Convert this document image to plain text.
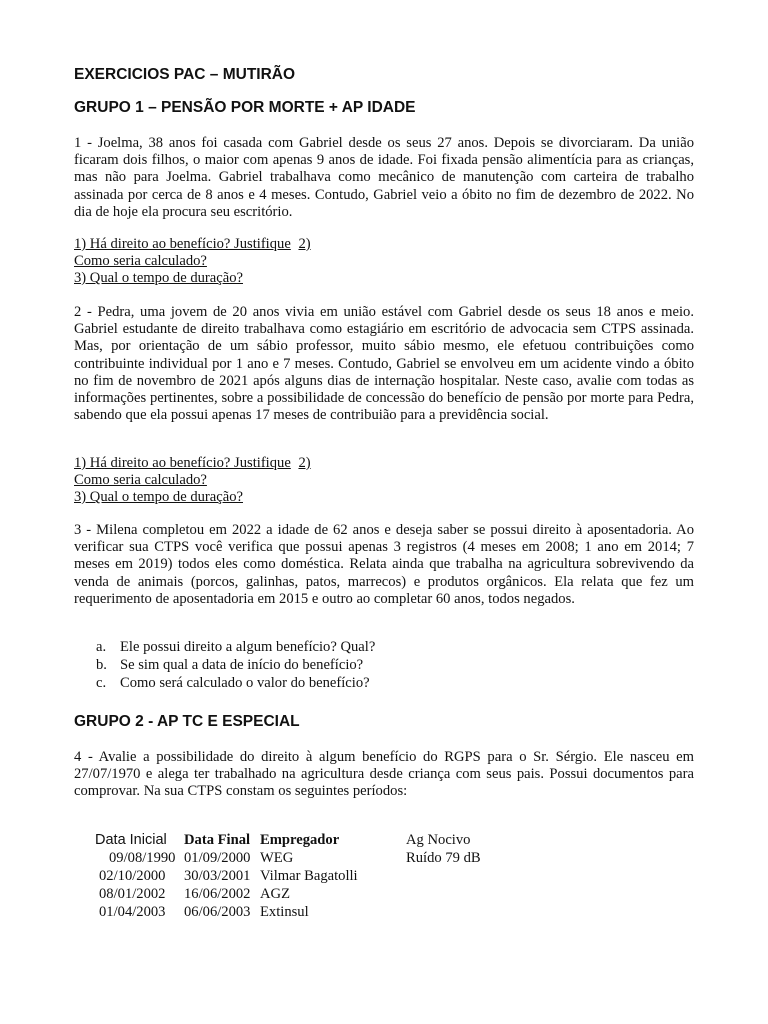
EXERCICIOS PAC – MUTIRÃO
GRUPO 1 – PENSÃO POR MORTE + AP IDADE
1 - Joelma, 38 anos foi casada com Gabriel desde os seus 27 anos. Depois se divorciaram. Da união ficaram dois filhos, o maior com apenas 9 anos de idade. Foi fixada pensão alimentícia para as crianças, mas não para Joelma. Gabriel trabalhava como mecânico de manutenção com carteira de trabalho assinada por cerca de 8 anos e 4 meses. Contudo, Gabriel veio a óbito no fim de dezembro de 2022. No dia de hoje ela procura seu escritório.
1) Há direito ao benefício? Justifique 2)
Como seria calculado?
3) Qual o tempo de duração?
2 - Pedra, uma jovem de 20 anos vivia em união estável com Gabriel desde os seus 18 anos e meio. Gabriel estudante de direito trabalhava como estagiário em escritório de advocacia sem CTPS assinada. Mas, por orientação de um sábio professor, muito sábio mesmo, ele efetuou contribuições como contribuinte individual por 1 ano e 7 meses. Contudo, Gabriel se envolveu em um acidente vindo a óbito no fim de novembro de 2021 após alguns dias de internação hospitalar. Neste caso, avalie com todas as informações pertinentes, sobre a possibilidade de concessão do benefício de pensão por morte para Pedra, sabendo que ela possui apenas 17 meses de contribuião para a previdência social.
1) Há direito ao benefício? Justifique 2)
Como seria calculado?
3) Qual o tempo de duração?
3 - Milena completou em 2022 a idade de 62 anos e deseja saber se possui direito à aposentadoria. Ao verificar sua CTPS você verifica que possui apenas 3 registros (4 meses em 2008; 1 ano em 2014; 7 meses em 2019) todos eles como doméstica. Relata ainda que trabalha na agricultura sobrevivendo da venda de animais (porcos, galinhas, patos, marrecos) e produtos orgânicos. Ela relata que fez um requerimento de aposentadoria em 2015 e outro ao completar 60 anos, todos negados.
a. Ele possui direito a algum benefício? Qual?
b. Se sim qual a data de início do benefício?
c. Como será calculado o valor do benefício?
GRUPO 2 - AP TC E ESPECIAL
4 - Avalie a possibilidade do direito à algum benefício do RGPS para o Sr. Sérgio. Ele nasceu em 27/07/1970 e alega ter trabalhado na agricultura desde criança com seus pais. Possui documentos para comprovar. Na sua CTPS constam os seguintes períodos:
Data Inicial Data Final Empregador	Ag Nocivo
09/08/1990 01/09/2000 WEG	Ruído 79 dB
02/10/2000 30/03/2001 Vilmar Bagatolli
08/01/2002 16/06/2002 AGZ
01/04/2003 06/06/2003 Extinsul
